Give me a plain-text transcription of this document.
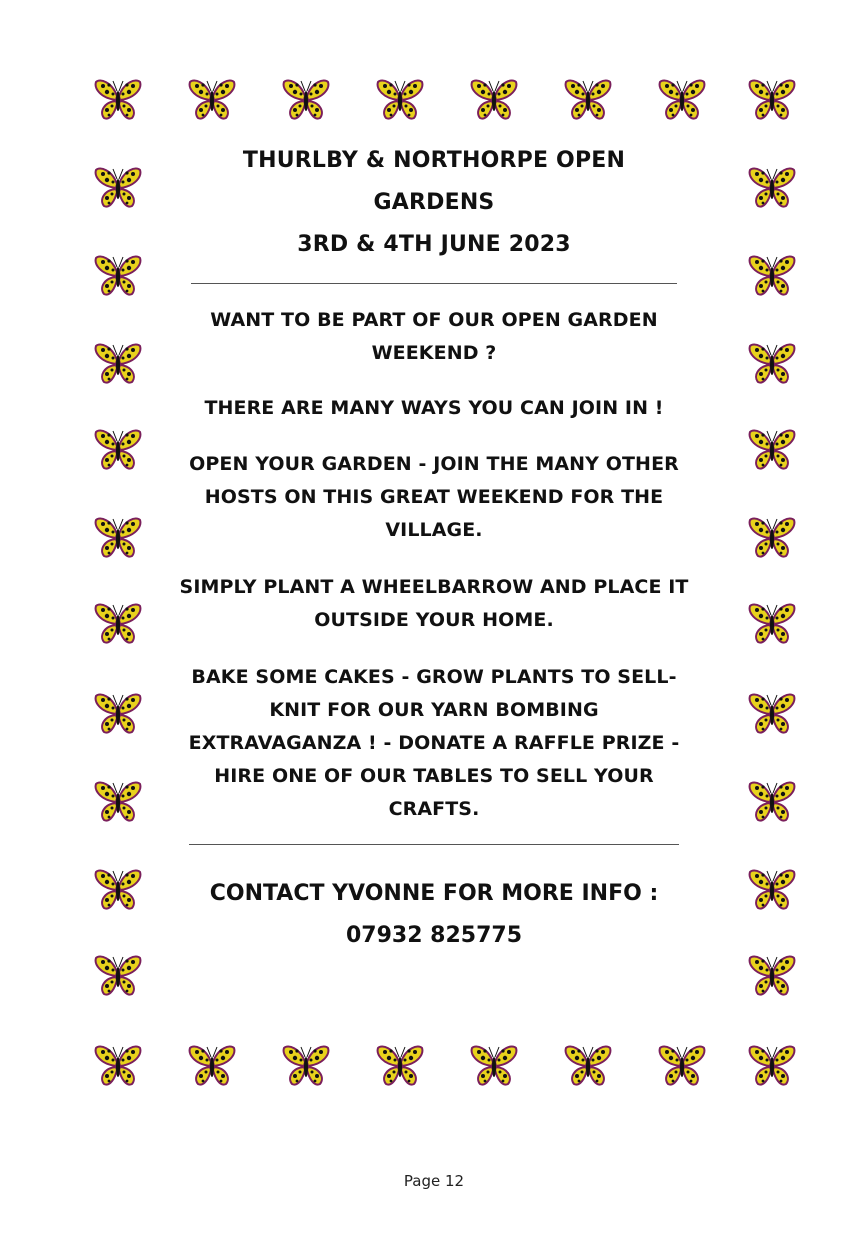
THURLBY & NORTHORPE OPEN

GARDENS

3RD & 4TH JUNE 2023

WANT TO BE PART OF OUR OPEN GARDEN
WEEKEND ?
THERE ARE MANY WAYS YOU CAN JOIN IN !
OPEN YOUR GARDEN - JOIN THE MANY OTHER
HOSTS ON THIS GREAT WEEKEND FOR THE
VILLAGE.
SIMPLY PLANT A WHEELBARROW AND PLACE IT
OUTSIDE YOUR HOME.
BAKE SOME CAKES - GROW PLANTS TO SELL-
KNIT FOR OUR YARN BOMBING
EXTRAVAGANZA ! - DONATE A RAFFLE PRIZE -
HIRE ONE OF OUR TABLES TO SELL YOUR
CRAFTS.

CONTACT YVONNE FOR MORE INFO :

07932 825775

Page 12
